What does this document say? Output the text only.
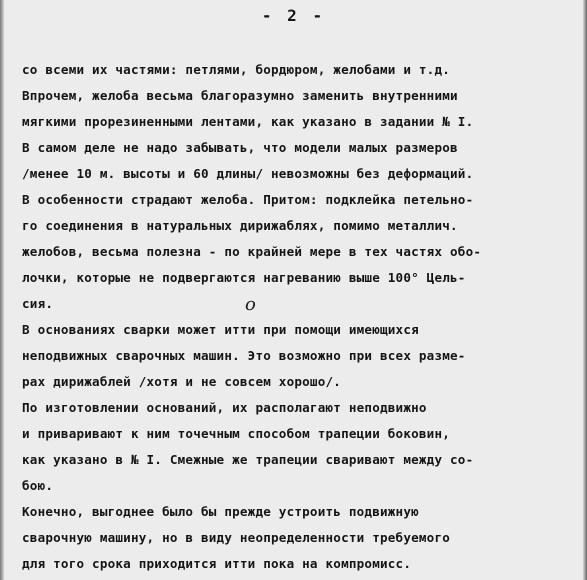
- 2 -
со всеми их частями: петлями, бордюром, желобами и т.д.
Впрочем, желоба весьма благоразумно заменить внутренними
мягкими прорезиненными лентами, как указано в задании № I.
В самом деле не надо забывать, что модели малых размеров
/менее 10 м. высоты и 60 длины/ невозможны без деформаций.
В особенности страдают желоба. Притом: подклейка петельно-
го соединения в натуральных дирижаблях, помимо металлич.
желобов, весьма полезна - по крайней мере в тех частях обо-
лочки, которые не подвергаются нагреванию выше 100° Цель-
сия.	о
В основаниях сварки может итти при помощи имеющихся
неподвижных сварочных машин. Это возможно при всех разме-
рах дирижаблей /хотя и не совсем хорошо/.
По изготовлении оснований, их располагают неподвижно
и приваривают к ним точечным способом трапеции боковин,
как указано в № I. Смежные же трапеции сваривают между со-
бою.
Конечно, выгоднее было бы прежде устроить подвижную
сварочную машину, но в виду неопределенности требуемого
для того срока приходится итти пока на компромисс.
